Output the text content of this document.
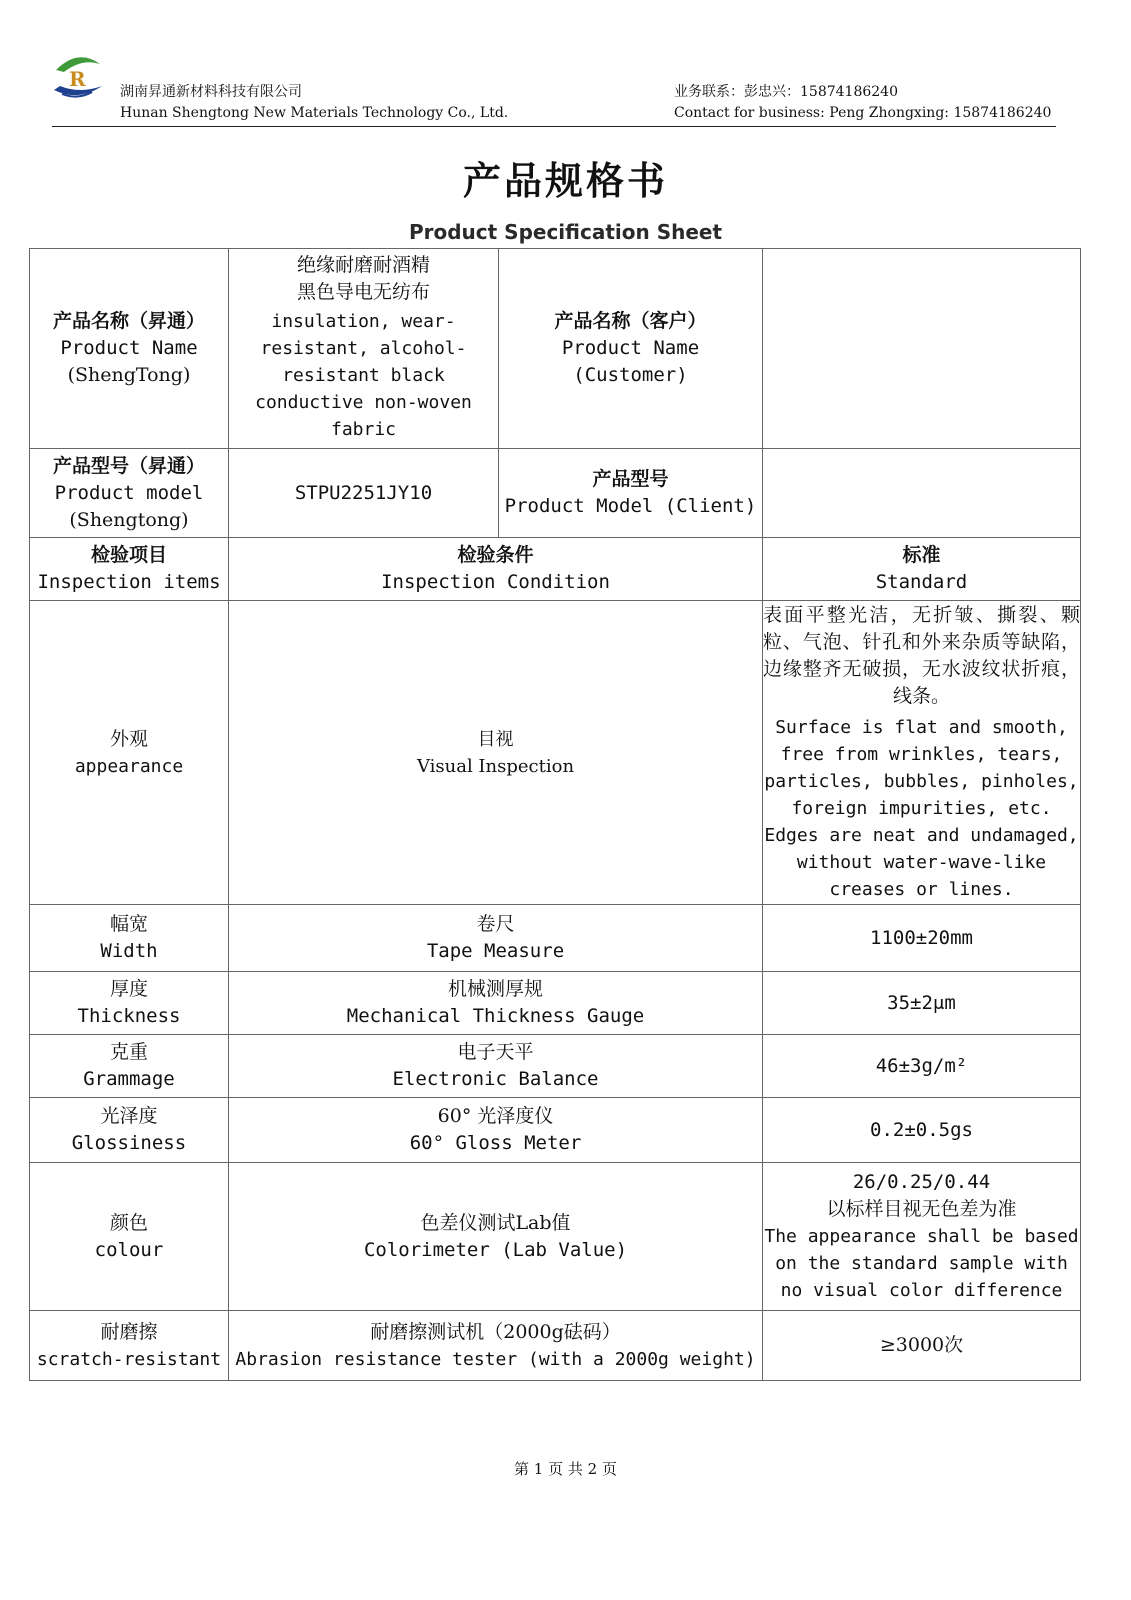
R
湖南昇通新材料科技有限公司
Hunan Shengtong New Materials Technology Co., Ltd.
业务联系：彭忠兴：15874186240
Contact for business: Peng Zhongxing: 15874186240
产品规格书
Product Specification Sheet
产品名称（昇通）
Product Name
(ShengTong)	绝缘耐磨耐酒精
黑色导电无纺布
insulation, wear-resistant, alcohol-resistant black conductive non-woven fabric	产品名称（客户）
Product Name (Customer)	

产品型号（昇通）
Product model
(Shengtong)	STPU2251JY10	产品型号
Product Model (Client)	

检验项目
Inspection items	检验条件
Inspection Condition		标准
Standard

外观
appearance	目视
Visual Inspection		表面平整光洁，无折皱、撕裂、颗粒、气泡、针孔和外来杂质等缺陷，边缘整齐无破损，无水波纹状折痕，线条。
Surface is flat and smooth, free from wrinkles, tears, particles, bubbles, pinholes, foreign impurities, etc. Edges are neat and undamaged, without water-wave-like creases or lines.

幅宽
Width	卷尺
Tape Measure		1100±20mm

厚度
Thickness	机械测厚规
Mechanical Thickness Gauge		35±2μm

克重
Grammage	电子天平
Electronic Balance		46±3g/m²

光泽度
Glossiness	60° 光泽度仪
60° Gloss Meter		0.2±0.5gs

颜色
colour	色差仪测试Lab值
Colorimeter (Lab Value)		26/0.25/0.44
以标样目视无色差为准
The appearance shall be based on the standard sample with no visual color difference

耐磨擦
scratch-resistant	耐磨擦测试机（2000g砝码）
Abrasion resistance tester (with a 2000g weight)		≥3000次
第 1 页 共 2 页
